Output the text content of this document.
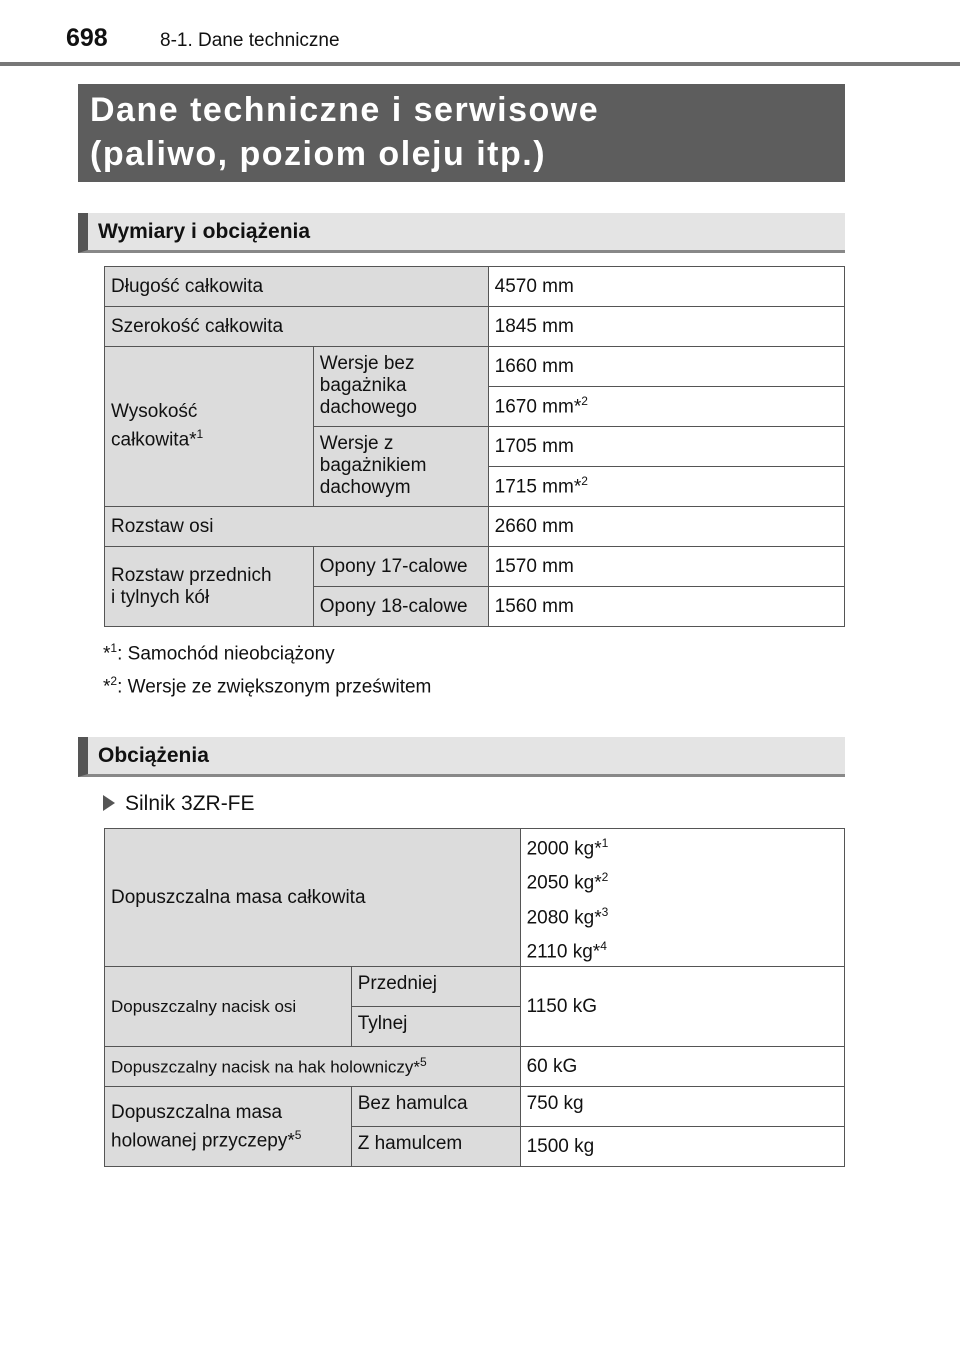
698	8-1. Dane techniczne
Dane techniczne i serwisowe
(paliwo, poziom oleju itp.)
Wymiary i obciążenia
Długość całkowita		4570 mm
Szerokość całkowita		1845 mm
Wysokość
całkowita*$^1$	Wersje bez
bagażnika
dachowego	1660 mm
		1670 mm*$^2$
	Wersje z
bagażnikiem
dachowym	1705 mm
		1715 mm*$^2$
Rozstaw osi		2660 mm
Rozstaw przednich
i tylnych kół	Opony 17-calowe	1570 mm
	Opony 18-calowe	1560 mm
*$^1$: Samochód nieobciążony
*$^2$: Wersje ze zwiększonym prześwitem
Obciążenia
Silnik 3ZR-FE
Dopuszczalna masa całkowita		2000 kg*$^1$
2050 kg*$^2$
2080 kg*$^3$
2110 kg*$^4$

Dopuszczalny nacisk osi	Przedniej	1150 kG
	Tylnej	
Dopuszczalny nacisk na hak holowniczy*$^5$		60 kG
Dopuszczalna masa
holowanej przyczepy*$^5$	Bez hamulca	750 kg
	Z hamulcem	1500 kg
